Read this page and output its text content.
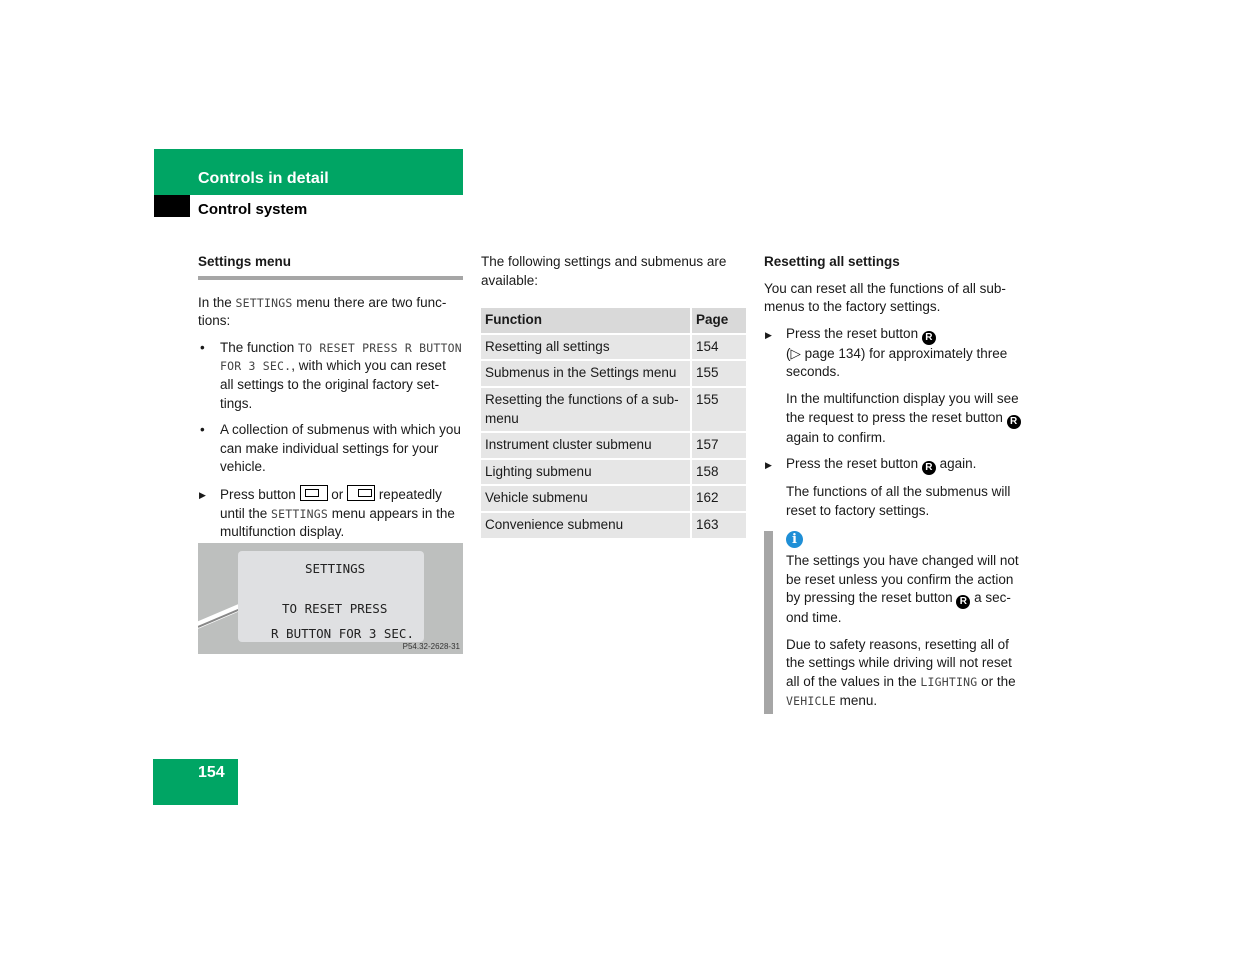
Controls in detail
Control system
Settings menu

In the SETTINGS menu there are two func-tions:

• The function TO RESET PRESS R BUTTON FOR 3 SEC., with which you can reset all settings to the original factory set-tings.
• A collection of submenus with which you can make individual settings for your vehicle.
▶ Press button  or  repeatedly until the SETTINGS menu appears in the multifunction display.
SETTINGS
TO RESET PRESS
R BUTTON FOR 3 SEC.
P54.32-2628-31
The following settings and submenus are available:
Function	Page
Resetting all settings	154
Submenus in the Settings menu	155
Resetting the functions of a sub-menu	155
Instrument cluster submenu	157
Lighting submenu	158
Vehicle submenu	162
Convenience submenu	163
Resetting all settings

You can reset all the functions of all sub-menus to the factory settings.

▶ Press the reset button R
(▷ page 134) for approximately three seconds.
In the multifunction display you will see the request to press the reset button R again to confirm.
▶ Press the reset button R again.
The functions of all the submenus will reset to factory settings.
i

The settings you have changed will not be reset unless you confirm the action by pressing the reset button R a sec-ond time.

Due to safety reasons, resetting all of the settings while driving will not reset all of the values in the LIGHTING or the VEHICLE menu.

154
